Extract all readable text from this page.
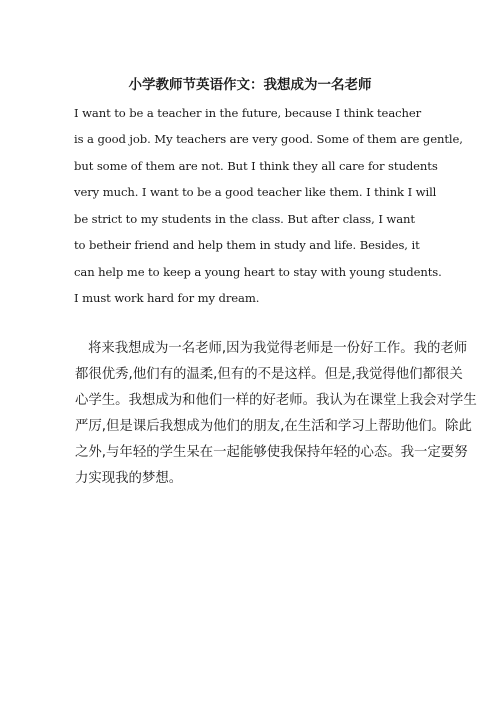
小学教师节英语作文：我想成为一名老师
I want to be a teacher in the future, because I think teacher
is a good job. My teachers are very good. Some of them are gentle,
but some of them are not. But I think they all care for students
very much. I want to be a good teacher like them. I think I will
be strict to my students in the class. But after class, I want
to betheir friend and help them in study and life. Besides, it
can help me to keep a young heart to stay with young students.
I must work hard for my dream.
将来我想成为一名老师,因为我觉得老师是一份好工作。我的老师
都很优秀,他们有的温柔,但有的不是这样。但是,我觉得他们都很关
心学生。我想成为和他们一样的好老师。我认为在课堂上我会对学生
严厉,但是课后我想成为他们的朋友,在生活和学习上帮助他们。除此
之外,与年轻的学生呆在一起能够使我保持年轻的心态。我一定要努
力实现我的梦想。
